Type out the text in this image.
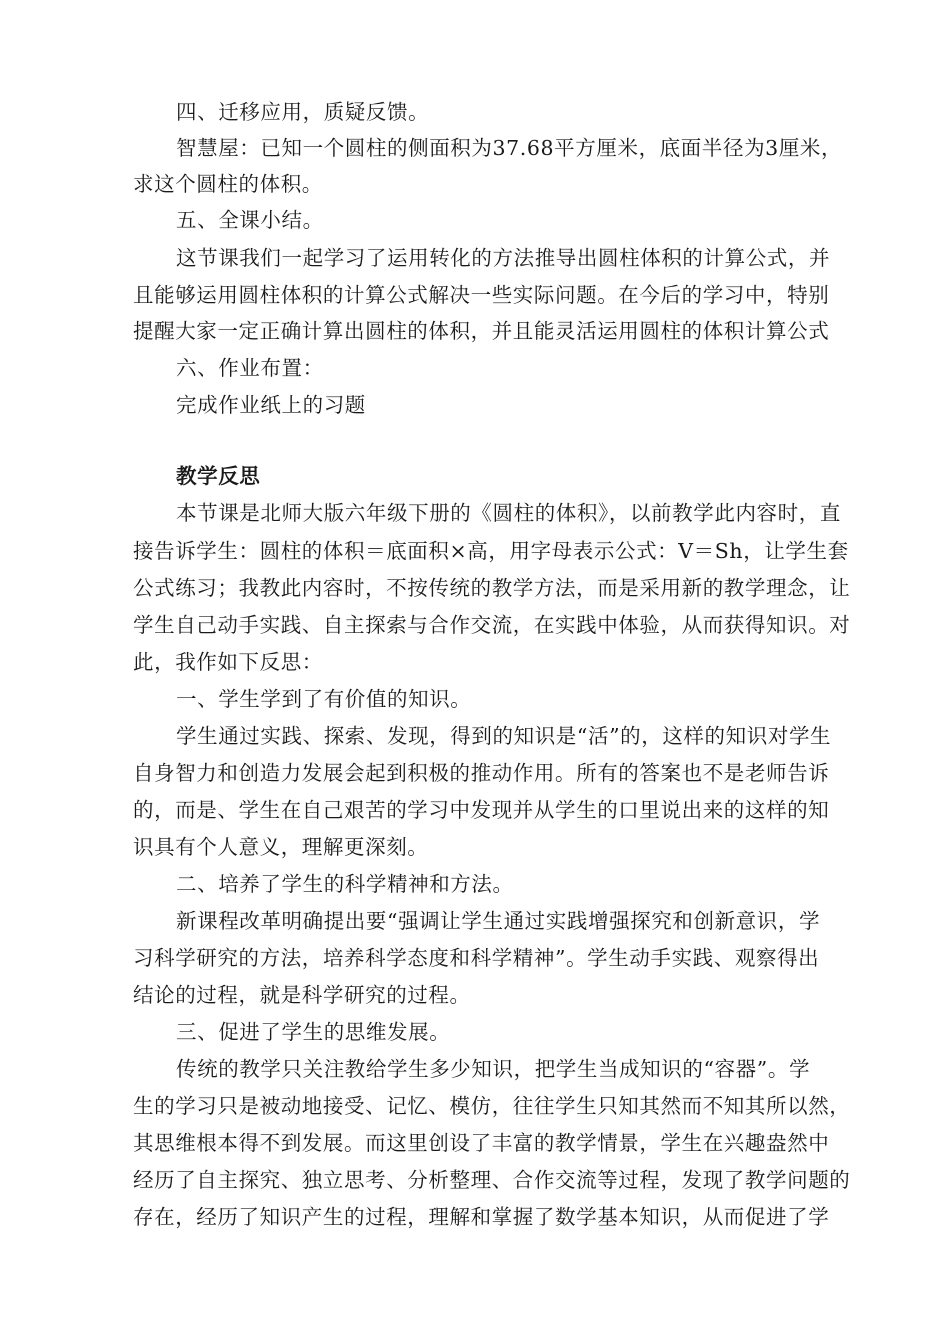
四、迁移应用，质疑反馈。
智慧屋：已知一个圆柱的侧面积为37.68平方厘米，底面半径为3厘米，
求这个圆柱的体积。
五、全课小结。
这节课我们一起学习了运用转化的方法推导出圆柱体积的计算公式，并
且能够运用圆柱体积的计算公式解决一些实际问题。在今后的学习中，特别
提醒大家一定正确计算出圆柱的体积，并且能灵活运用圆柱的体积计算公式
六、作业布置：
完成作业纸上的习题
教学反思
本节课是北师大版六年级下册的《圆柱的体积》，以前教学此内容时，直
接告诉学生：圆柱的体积＝底面积×高，用字母表示公式：V＝Sh，让学生套
公式练习；我教此内容时，不按传统的教学方法，而是采用新的教学理念，让
学生自己动手实践、自主探索与合作交流，在实践中体验，从而获得知识。对
此，我作如下反思：
一、学生学到了有价值的知识。
学生通过实践、探索、发现，得到的知识是“活”的，这样的知识对学生
自身智力和创造力发展会起到积极的推动作用。所有的答案也不是老师告诉
的，而是、学生在自己艰苦的学习中发现并从学生的口里说出来的这样的知
识具有个人意义，理解更深刻。
二、培养了学生的科学精神和方法。
新课程改革明确提出要“强调让学生通过实践增强探究和创新意识，学
习科学研究的方法，培养科学态度和科学精神”。学生动手实践、观察得出
结论的过程，就是科学研究的过程。
三、促进了学生的思维发展。
传统的教学只关注教给学生多少知识，把学生当成知识的“容器”。学
生的学习只是被动地接受、记忆、模仿，往往学生只知其然而不知其所以然，
其思维根本得不到发展。而这里创设了丰富的教学情景，学生在兴趣盎然中
经历了自主探究、独立思考、分析整理、合作交流等过程，发现了教学问题的
存在，经历了知识产生的过程，理解和掌握了数学基本知识，从而促进了学
